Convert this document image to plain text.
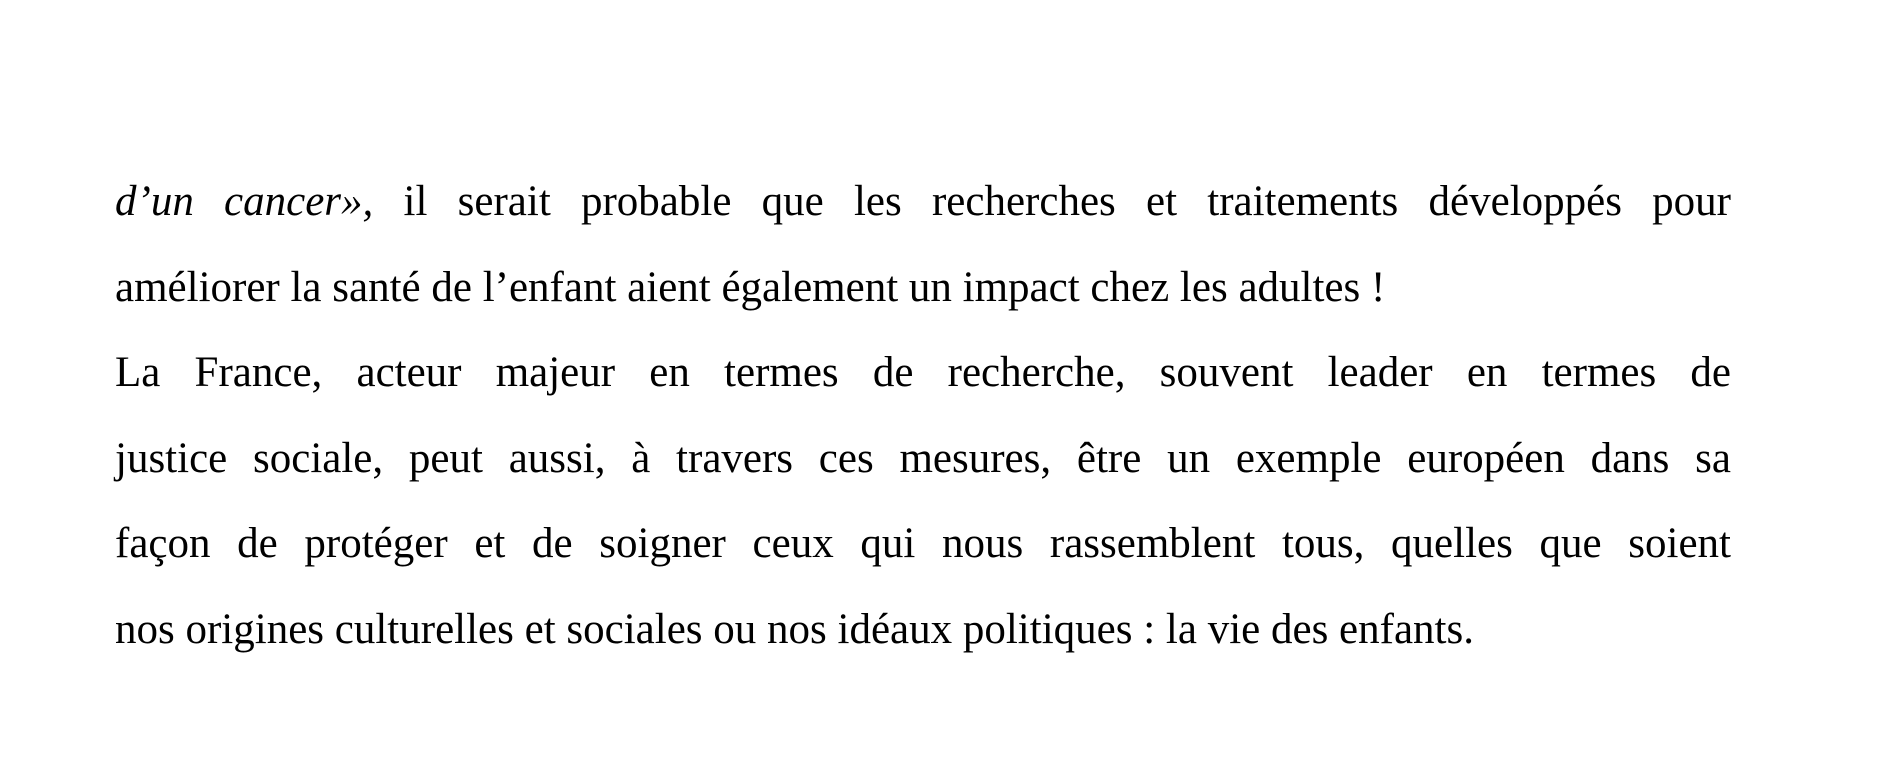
d’un cancer», il serait probable que les recherches et traitements développés pour
améliorer la santé de l’enfant aient également un impact chez les adultes !
La France, acteur majeur en termes de recherche, souvent leader en termes de
justice sociale, peut aussi, à travers ces mesures, être un exemple européen dans sa
façon de protéger et de soigner ceux qui nous rassemblent tous, quelles que soient
nos origines culturelles et sociales ou nos idéaux politiques : la vie des enfants.
